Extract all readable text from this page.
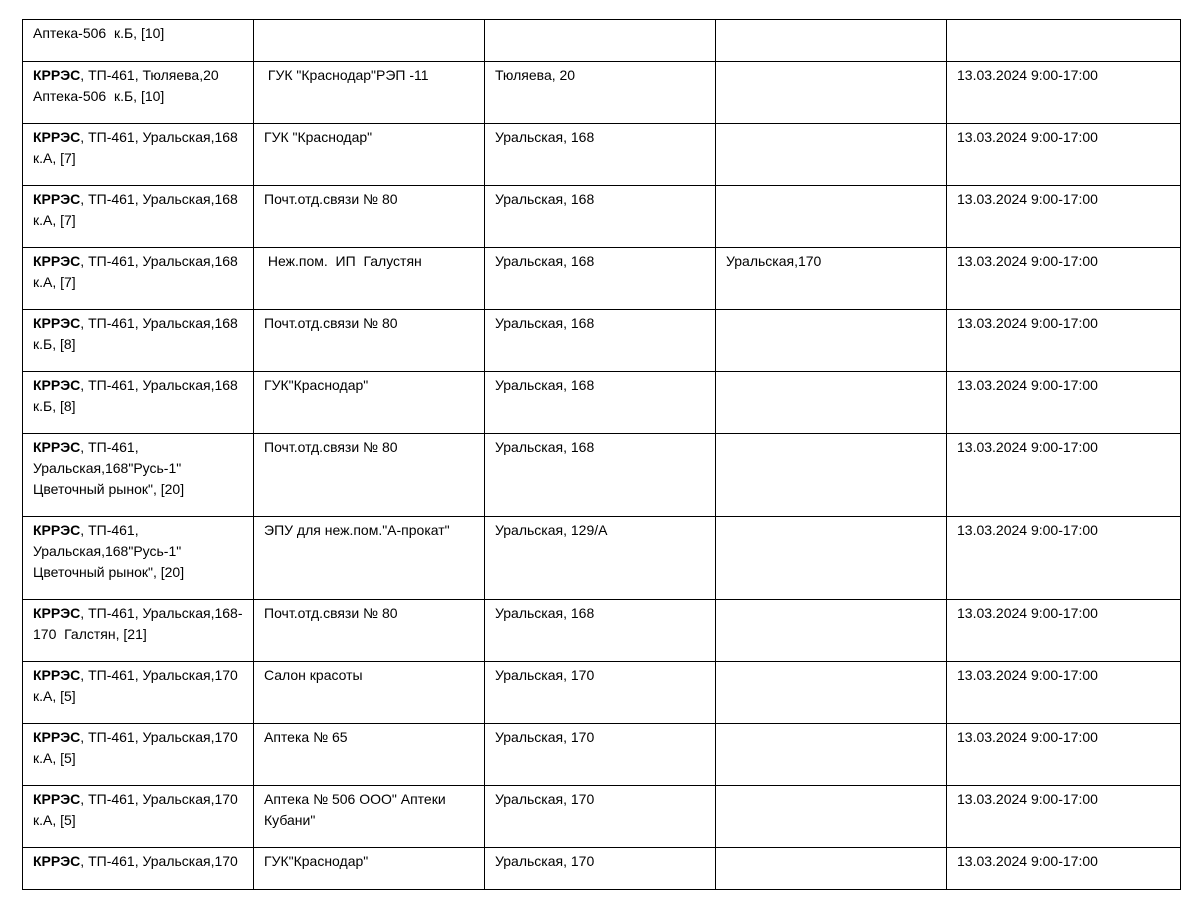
Аптека-506  к.Б, [10]				
КРРЭС, ТП-461, Тюляева,20
Аптека-506  к.Б, [10]	ГУК "Краснодар"РЭП -11	Тюляева, 20		13.03.2024 9:00-17:00
КРРЭС, ТП-461, Уральская,168
к.А, [7]	ГУК "Краснодар"	Уральская, 168		13.03.2024 9:00-17:00
КРРЭС, ТП-461, Уральская,168
к.А, [7]	Почт.отд.связи № 80	Уральская, 168		13.03.2024 9:00-17:00
КРРЭС, ТП-461, Уральская,168
к.А, [7]	Неж.пом.  ИП  Галустян	Уральская, 168	Уральская,170	13.03.2024 9:00-17:00
КРРЭС, ТП-461, Уральская,168
к.Б, [8]	Почт.отд.связи № 80	Уральская, 168		13.03.2024 9:00-17:00
КРРЭС, ТП-461, Уральская,168
к.Б, [8]	ГУК"Краснодар"	Уральская, 168		13.03.2024 9:00-17:00
КРРЭС, ТП-461,
Уральская,168"Русь-1"
Цветочный рынок", [20]	Почт.отд.связи № 80	Уральская, 168		13.03.2024 9:00-17:00
КРРЭС, ТП-461,
Уральская,168"Русь-1"
Цветочный рынок", [20]	ЭПУ для неж.пом."А-прокат"	Уральская, 129/А		13.03.2024 9:00-17:00
КРРЭС, ТП-461, Уральская,168-
170  Галстян, [21]	Почт.отд.связи № 80	Уральская, 168		13.03.2024 9:00-17:00
КРРЭС, ТП-461, Уральская,170
к.А, [5]	Салон красоты	Уральская, 170		13.03.2024 9:00-17:00
КРРЭС, ТП-461, Уральская,170
к.А, [5]	Аптека № 65	Уральская, 170		13.03.2024 9:00-17:00
КРРЭС, ТП-461, Уральская,170
к.А, [5]	Аптека № 506 ООО" Аптеки
Кубани"	Уральская, 170		13.03.2024 9:00-17:00
КРРЭС, ТП-461, Уральская,170	ГУК"Краснодар"	Уральская, 170		13.03.2024 9:00-17:00
